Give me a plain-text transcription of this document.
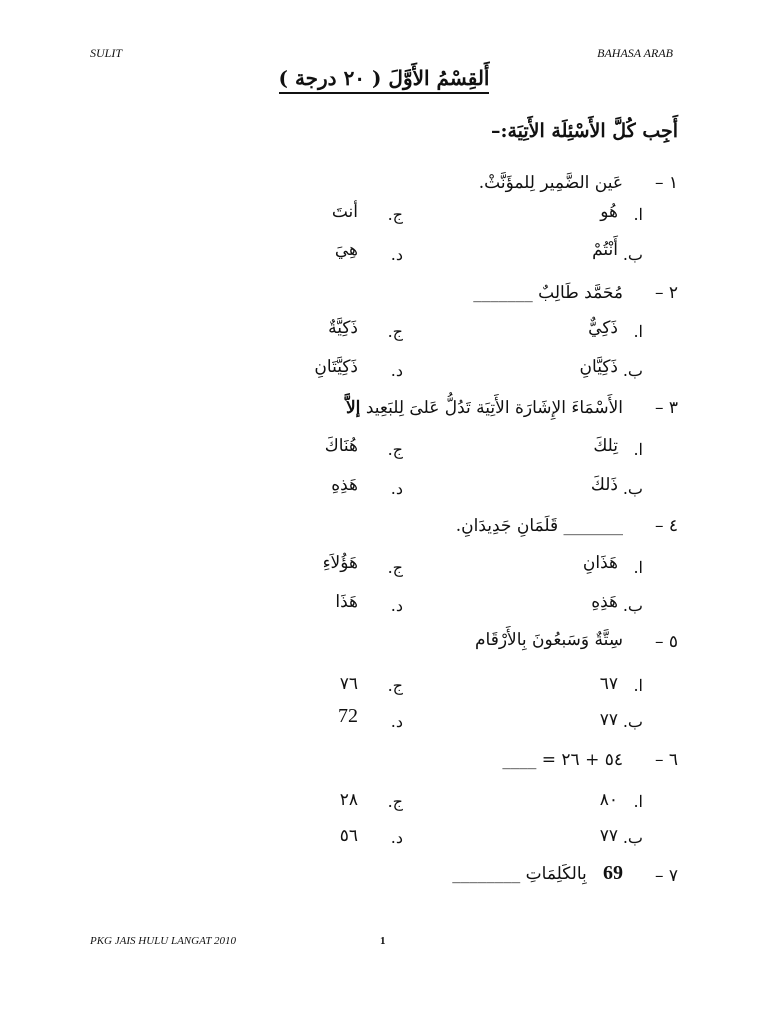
SULIT	BAHASA ARAB
أَلقِسْمُ الأَوَّلَ ( ٢٠ درجة )
أَجِب كُلَّ الأَسْئِلَة الأَتِيَة:–
١ –
عَين الضَّمِير لِلمؤَنَّثْ.
ا.
هُو
ج.
أنتَ
ب.
أَنْتُمْ
د.
هِيَ
٢ –
مُحَمَّد طَالِبٌ _______
ا.
ذَكِيٌّ
ج.
ذَكِيَّةٌ
ب.
ذَكِيَّانِ
د.
ذَكِيَّتَانِ
٣ –
الأَسْمَاءَ الإِشَارَة الأَتِيَة تَدُلُّ عَلىَ لِلبَعِيد إلاَّ
ا.
تِلكَ
ج.
هُنَاكَ
ب.
ذَلكَ
د.
هَذِهِ
٤ –
_______ قَلَمَانِ جَدِيدَانِ.
ا.
هَذَانِ
ج.
هَؤُلاَءِ
ب.
هَذِهِ
د.
هَذَا
٥ –
سِتَّةٌ وَسَبعُونَ بِالأَرْقَام
ا.
٦٧
ج.
٧٦
ب.
٧٧
د.
72
٦ –
٥٤ + ٢٦ = ____
ا.
٨٠
ج.
٢٨
ب.
٧٧
د.
٥٦
٧ –
69   بِالكَلِمَاتِ ________
PKG JAIS HULU LANGAT 2010	1
